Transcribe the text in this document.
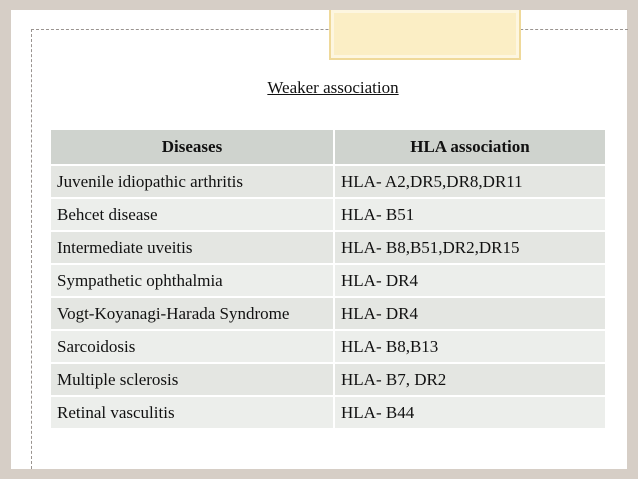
Weaker association
Diseases	HLA association
Juvenile idiopathic arthritis	HLA- A2,DR5,DR8,DR11
Behcet disease	HLA- B51
Intermediate uveitis	HLA- B8,B51,DR2,DR15
Sympathetic ophthalmia	HLA- DR4
Vogt-Koyanagi-Harada Syndrome	HLA- DR4
Sarcoidosis	HLA- B8,B13
Multiple sclerosis	HLA- B7, DR2
Retinal vasculitis	HLA- B44
